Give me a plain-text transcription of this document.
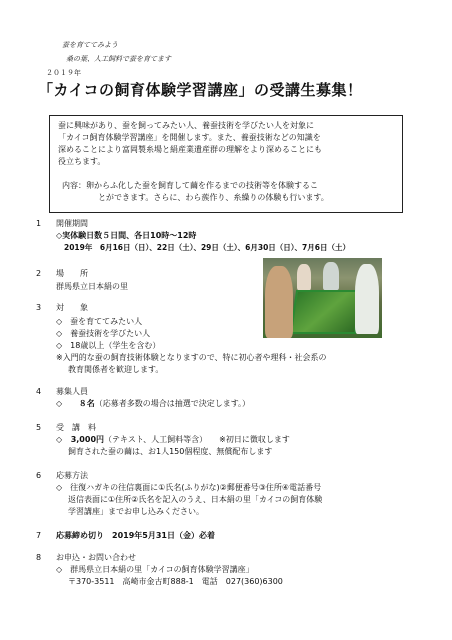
蚕を育ててみよう
桑の葉、人工飼料で蚕を育てます
２０１９年
「カイコの飼育体験学習講座」の受講生募集！
蚕に興味があり、蚕を飼ってみたい人、養蚕技術を学びたい人を対象に
「カイコ飼育体験学習講座」を開催します。また、養蚕技術などの知識を
深めることにより富岡製糸場と絹産業遺産群の理解をより深めることにも
役立ちます。
内容：卵からふ化した蚕を飼育して繭を作るまでの技術等を体験するこ
とができます。さらに、わら蔟作り、糸繰りの体験も行います。
1 開催期間
◇実体験日数５日間、各日10時～12時
2019年　6月16日（日）、22日（土）、29日（土）、6月30日（日）、7月6日（土）
2 場　　所
群馬県立日本絹の里
3 対　　象
◇　蚕を育ててみたい人
◇　養蚕技術を学びたい人
◇　18歳以上（学生を含む）
※入門的な蚕の飼育技術体験となりますので、特に初心者や理科・社会系の
教育関係者を歓迎します。
4 募集人員
◇ ８名（応募者多数の場合は抽選で決定します。）
5 受　講　料
◇ 3,000円（テキスト、人工飼料等含）　　※初日に徴収します
飼育された蚕の繭は、お1人150個程度、無償配布します
6 応募方法
◇　往復ハガキの往信裏面に①氏名(ふりがな)②郵便番号③住所④電話番号
返信表面に①住所②氏名を記入のうえ、日本絹の里「カイコの飼育体験
学習講座」までお申し込みください。
7 応募締め切り　2019年5月31日（金）必着
8 お申込・お問い合わせ
◇　群馬県立日本絹の里「カイコの飼育体験学習講座」
〒370-3511　高崎市金古町888-1　電話　027(360)6300
